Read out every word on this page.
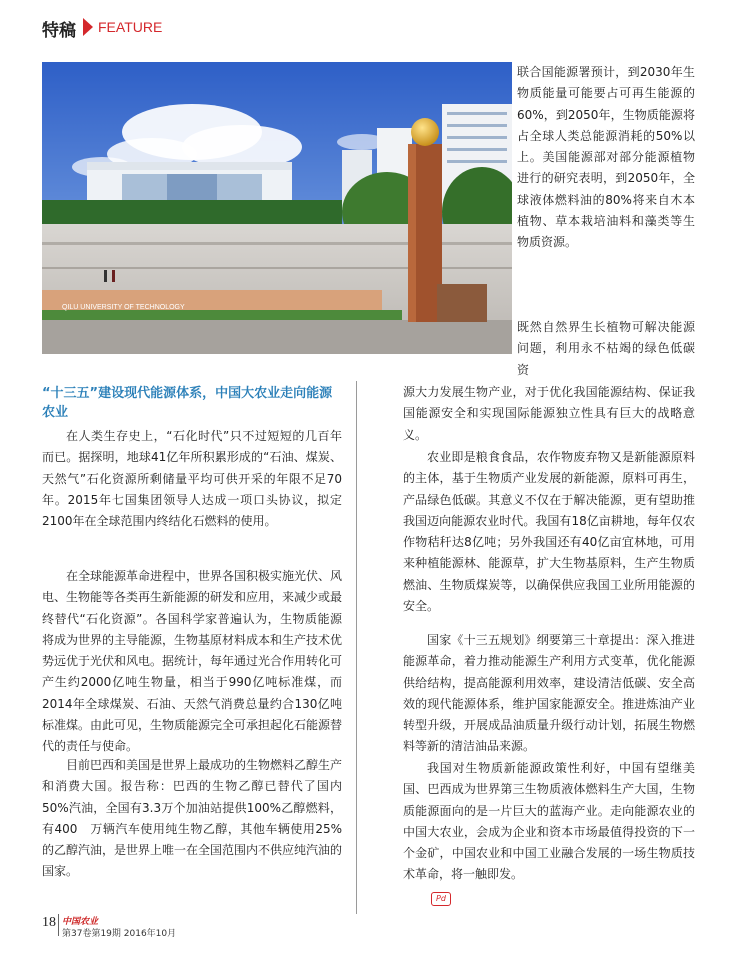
特稿 FEATURE
QILU UNIVERSITY OF TECHNOLOGY
联合国能源署预计，到2030年生物质能量可能要占可再生能源的60%，到2050年，生物质能源将占全球人类总能源消耗的50%以上。美国能源部对部分能源植物进行的研究表明，到2050年，全球液体燃料油的80%将来自木本植物、草本栽培油料和藻类等生物质资源。
既然自然界生长植物可解决能源问题，利用永不枯竭的绿色低碳资
“十三五”建设现代能源体系，中国大农业走向能源农业
在人类生存史上，“石化时代”只不过短短的几百年而已。据探明，地球41亿年所积累形成的“石油、煤炭、天然气”石化资源所剩储量平均可供开采的年限不足70年。2015年七国集团领导人达成一项口头协议，拟定2100年在全球范围内终结化石燃料的使用。
在全球能源革命进程中，世界各国积极实施光伏、风电、生物能等各类再生新能源的研发和应用，来减少或最终替代“石化资源”。各国科学家普遍认为，生物质能源将成为世界的主导能源，生物基原材料成本和生产技术优势远优于光伏和风电。据统计，每年通过光合作用转化可产生约2000亿吨生物量，相当于990亿吨标准煤，而2014年全球煤炭、石油、天然气消费总量约合130亿吨标准煤。由此可见，生物质能源完全可承担起化石能源替代的责任与使命。
目前巴西和美国是世界上最成功的生物燃料乙醇生产和消费大国。报告称：巴西的生物乙醇已替代了国内50%汽油，全国有3.3万个加油站提供100%乙醇燃料，有400　万辆汽车使用纯生物乙醇，其他车辆使用25%的乙醇汽油，是世界上唯一在全国范围内不供应纯汽油的国家。
源大力发展生物产业，对于优化我国能源结构、保证我国能源安全和实现国际能源独立性具有巨大的战略意义。
农业即是粮食食品，农作物废弃物又是新能源原料的主体，基于生物质产业发展的新能源，原料可再生，产品绿色低碳。其意义不仅在于解决能源，更有望助推我国迈向能源农业时代。我国有18亿亩耕地，每年仅农作物秸秆达8亿吨；另外我国还有40亿亩宜林地，可用来种植能源林、能源草，扩大生物基原料，生产生物质燃油、生物质煤炭等，以确保供应我国工业所用能源的安全。
国家《十三五规划》纲要第三十章提出：深入推进能源革命，着力推动能源生产利用方式变革，优化能源供给结构，提高能源利用效率，建设清洁低碳、安全高效的现代能源体系，维护国家能源安全。推进炼油产业转型升级，开展成品油质量升级行动计划，拓展生物燃料等新的清洁油品来源。
我国对生物质新能源政策性利好，中国有望继美国、巴西成为世界第三生物质液体燃料生产大国，生物质能源面向的是一片巨大的蓝海产业。走向能源农业的中国大农业，会成为企业和资本市场最值得投资的下一个金矿，中国农业和中国工业融合发展的一场生物质技术革命，将一触即发。
Pd
18 中国农业
第37卷第19期 2016年10月
